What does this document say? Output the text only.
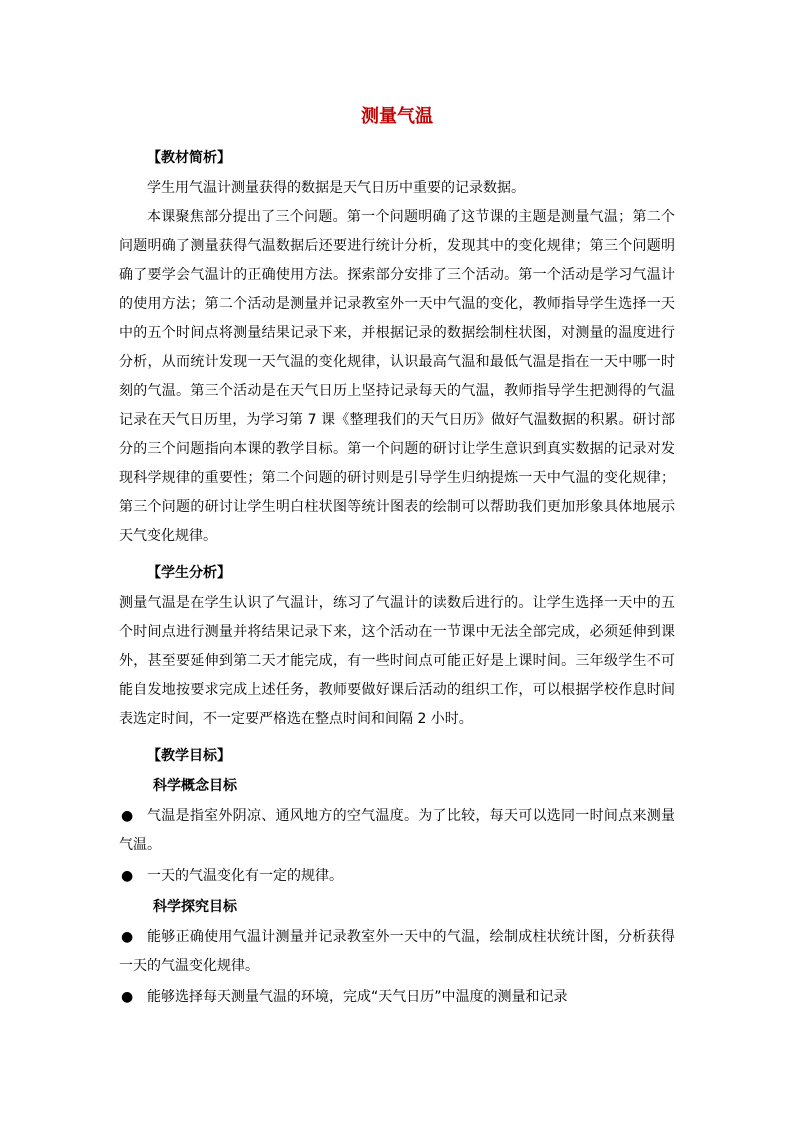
测量气温
【教材简析】

学生用气温计测量获得的数据是天气日历中重要的记录数据。

本课聚焦部分提出了三个问题。第一个问题明确了这节课的主题是测量气温；第二个问题明确了测量获得气温数据后还要进行统计分析，发现其中的变化规律；第三个问题明确了要学会气温计的正确使用方法。探索部分安排了三个活动。第一个活动是学习气温计的使用方法；第二个活动是测量并记录教室外一天中气温的变化，教师指导学生选择一天中的五个时间点将测量结果记录下来，并根据记录的数据绘制柱状图，对测量的温度进行分析，从而统计发现一天气温的变化规律，认识最高气温和最低气温是指在一天中哪一时刻的气温。第三个活动是在天气日历上坚持记录每天的气温，教师指导学生把测得的气温记录在天气日历里，为学习第 7 课《整理我们的天气日历》做好气温数据的积累。研讨部分的三个问题指向本课的教学目标。第一个问题的研讨让学生意识到真实数据的记录对发现科学规律的重要性；第二个问题的研讨则是引导学生归纳提炼一天中气温的变化规律；第三个问题的研讨让学生明白柱状图等统计图表的绘制可以帮助我们更加形象具体地展示天气变化规律。

【学生分析】

测量气温是在学生认识了气温计，练习了气温计的读数后进行的。让学生选择一天中的五个时间点进行测量并将结果记录下来，这个活动在一节课中无法全部完成，必须延伸到课外，甚至要延伸到第二天才能完成，有一些时间点可能正好是上课时间。三年级学生不可能自发地按要求完成上述任务，教师要做好课后活动的组织工作，可以根据学校作息时间表选定时间，不一定要严格选在整点时间和间隔 2 小时。

【教学目标】
科学概念目标
● 气温是指室外阴凉、通风地方的空气温度。为了比较，每天可以选同一时间点来测量气温。
● 一天的气温变化有一定的规律。
科学探究目标
● 能够正确使用气温计测量并记录教室外一天中的气温，绘制成柱状统计图，分析获得一天的气温变化规律。
● 能够选择每天测量气温的环境，完成“天气日历”中温度的测量和记录
